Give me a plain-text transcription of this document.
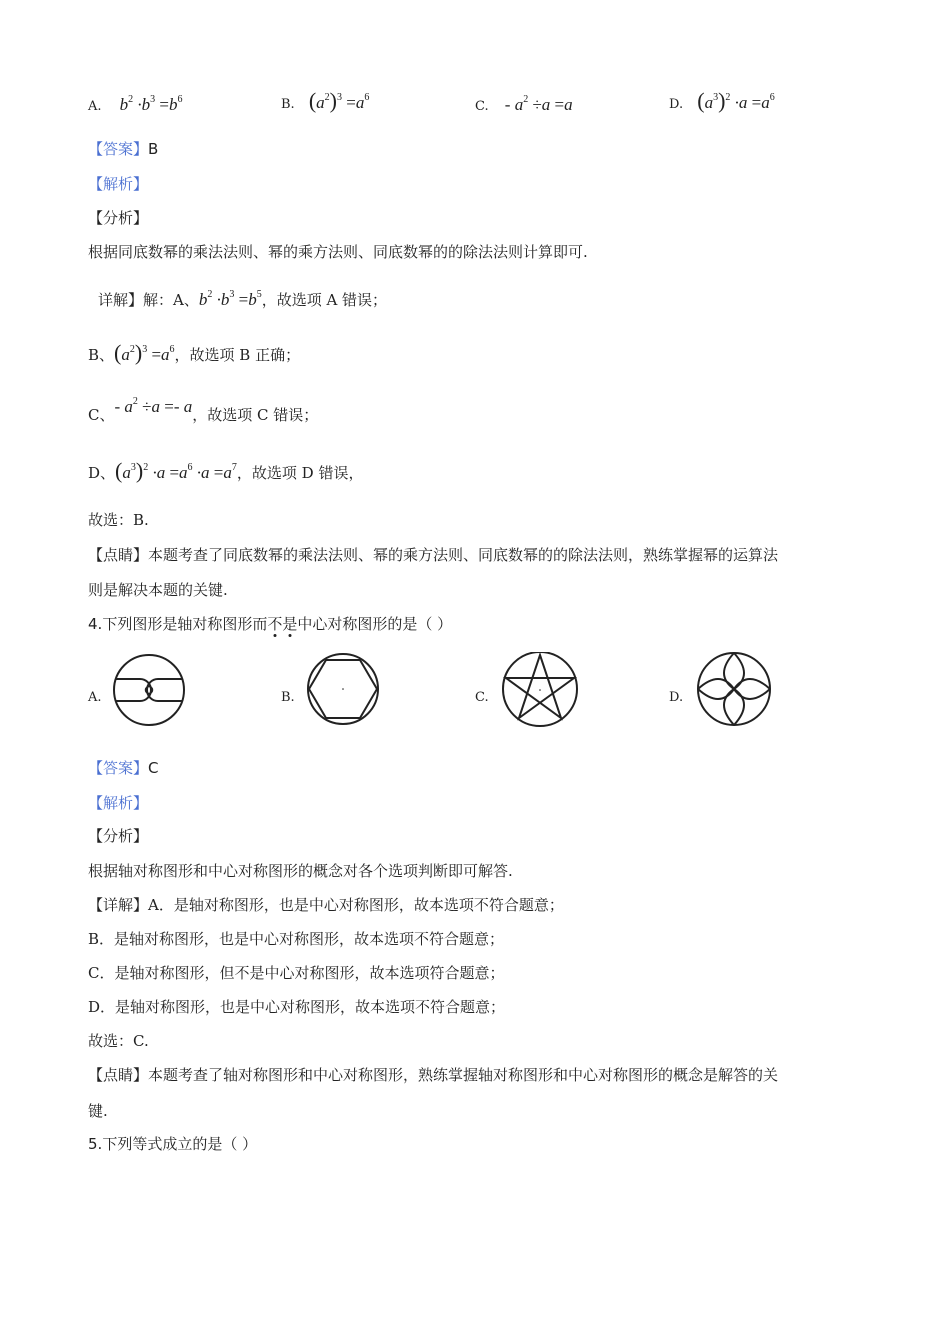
A. $b^2 \cdot b^3 =b^6$	B. $(a^2)^3 =a^6$
C. - $a^2 \div a =a$	D. $(a^3)^2 \cdot a =a^6$
【答案】B
【解析】
【分析】
根据同底数幂的乘法法则、幂的乘方法则、同底数幂的的除法法则计算即可.
详解】解：A、$b^2 \cdot b^3 =b^5$，故选项 A 错误；
B、$(a^2)^3 =a^6$，故选项 B 正确；
C、- $a^2 \div a =- a$，故选项 C 错误；
D、$(a^3)^2 \cdot a =a^6 \cdot a =a^7$，故选项 D 错误，
故选：B.
【点睛】本题考查了同底数幂的乘法法则、幂的乘方法则、同底数幂的的除法法则，熟练掌握幂的运算法
则是解决本题的关键.
4.下列图形是轴对称图形而不是中心对称图形的是（ ）
A.	B.	C.	D.
【答案】C
【解析】
【分析】
根据轴对称图形和中心对称图形的概念对各个选项判断即可解答.
【详解】A．是轴对称图形，也是中心对称图形，故本选项不符合题意；
B．是轴对称图形，也是中心对称图形，故本选项不符合题意；
C．是轴对称图形，但不是中心对称图形，故本选项符合题意；
D．是轴对称图形，也是中心对称图形，故本选项不符合题意；
故选：C.
【点睛】本题考查了轴对称图形和中心对称图形，熟练掌握轴对称图形和中心对称图形的概念是解答的关
键.
5.下列等式成立的是（ ）
